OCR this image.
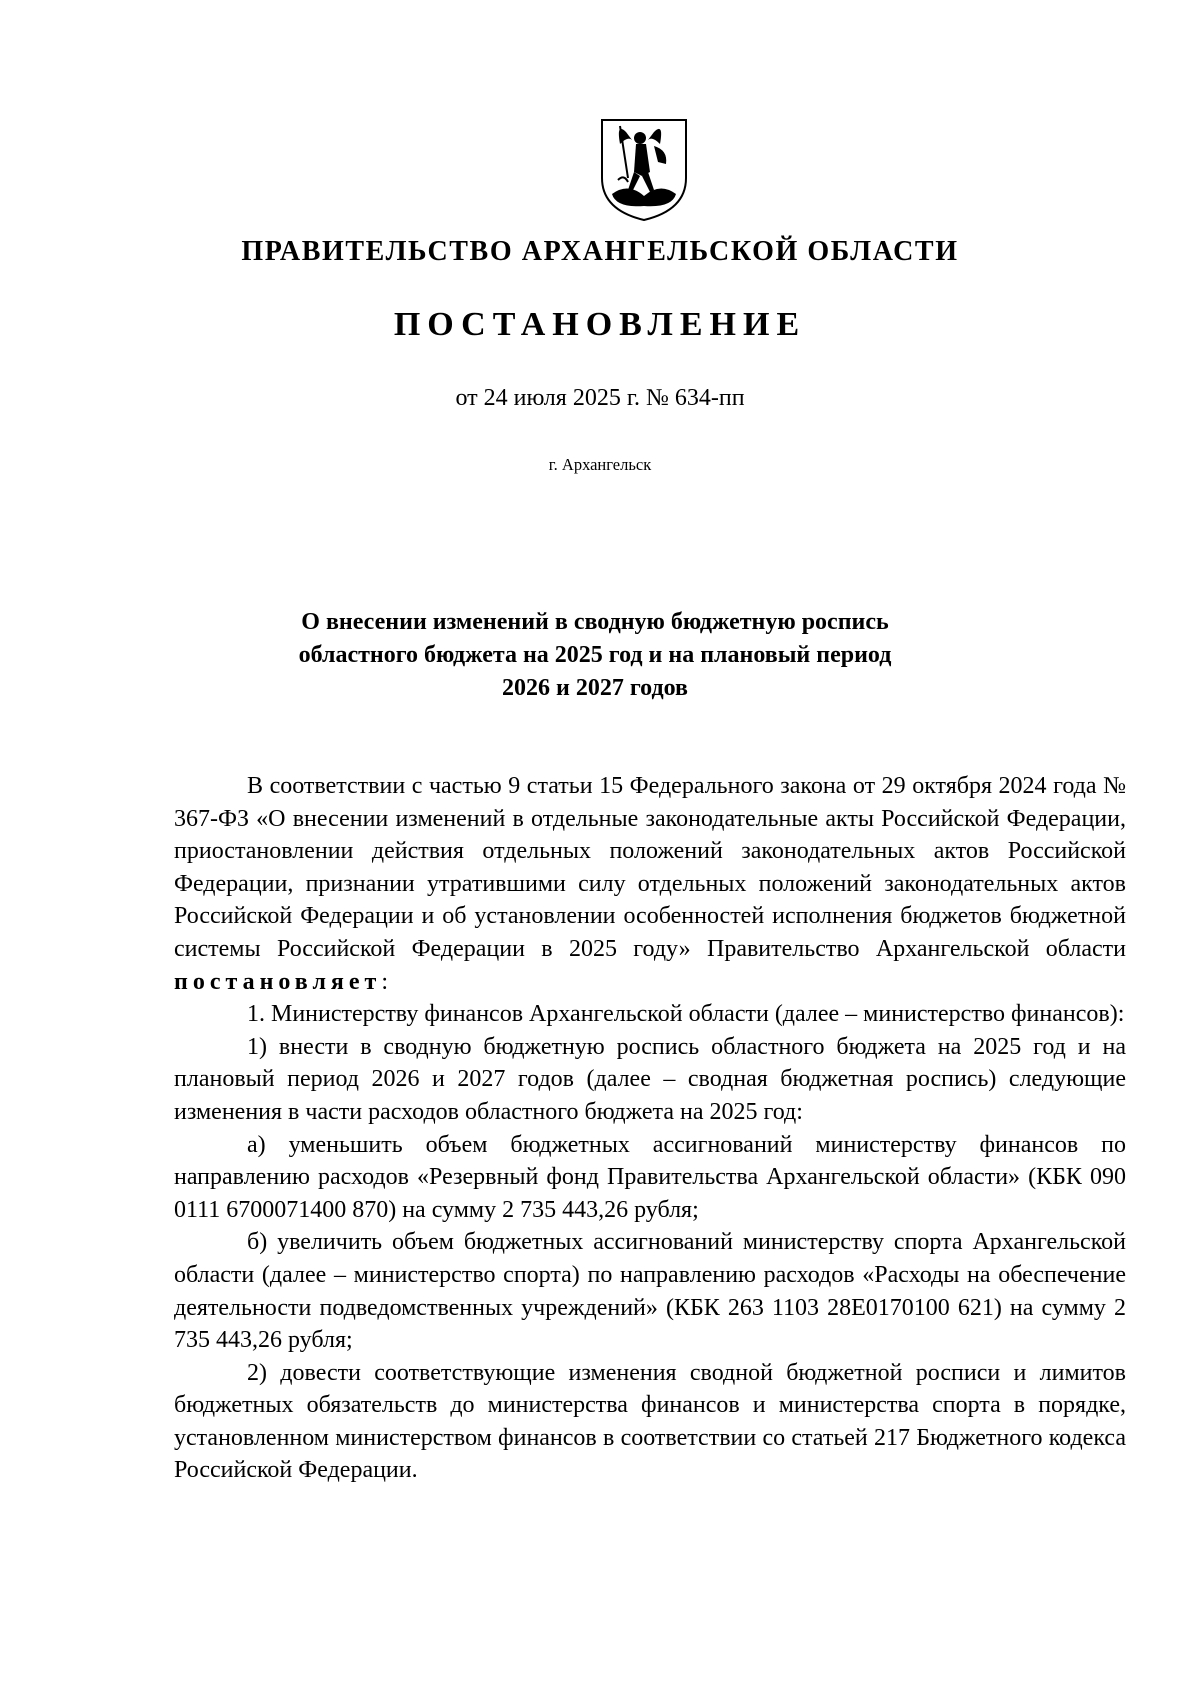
ПРАВИТЕЛЬСТВО АРХАНГЕЛЬСКОЙ ОБЛАСТИ
ПОСТАНОВЛЕНИЕ

от 24 июля 2025 г. № 634-пп

г. Архангельск

О внесении изменений в сводную бюджетную роспись
областного бюджета на 2025 год и на плановый период
2026 и 2027 годов

В соответствии с частью 9 статьи 15 Федерального закона от 29 октября 2024 года № 367-ФЗ «О внесении изменений в отдельные законодательные акты Российской Федерации, приостановлении действия отдельных положений законодательных актов Российской Федерации, признании утратившими силу отдельных положений законодательных актов Российской Федерации и об установлении особенностей исполнения бюджетов бюджетной системы Российской Федерации в 2025 году» Правительство Архангельской области постановляет:

1. Министерству финансов Архангельской области (далее – министерство финансов):

1) внести в сводную бюджетную роспись областного бюджета на 2025 год и на плановый период 2026 и 2027 годов (далее – сводная бюджетная роспись) следующие изменения в части расходов областного бюджета на 2025 год:

а) уменьшить объем бюджетных ассигнований министерству финансов по направлению расходов «Резервный фонд Правительства Архангельской области» (КБК 090 0111 6700071400 870) на сумму 2 735 443,26 рубля;

б) увеличить объем бюджетных ассигнований министерству спорта Архангельской области (далее – министерство спорта) по направлению расходов «Расходы на обеспечение деятельности подведомственных учреждений» (КБК 263 1103 28Е0170100 621) на сумму 2 735 443,26 рубля;

2) довести соответствующие изменения сводной бюджетной росписи и лимитов бюджетных обязательств до министерства финансов и министерства спорта в порядке, установленном министерством финансов в соответствии со статьей 217 Бюджетного кодекса Российской Федерации.
